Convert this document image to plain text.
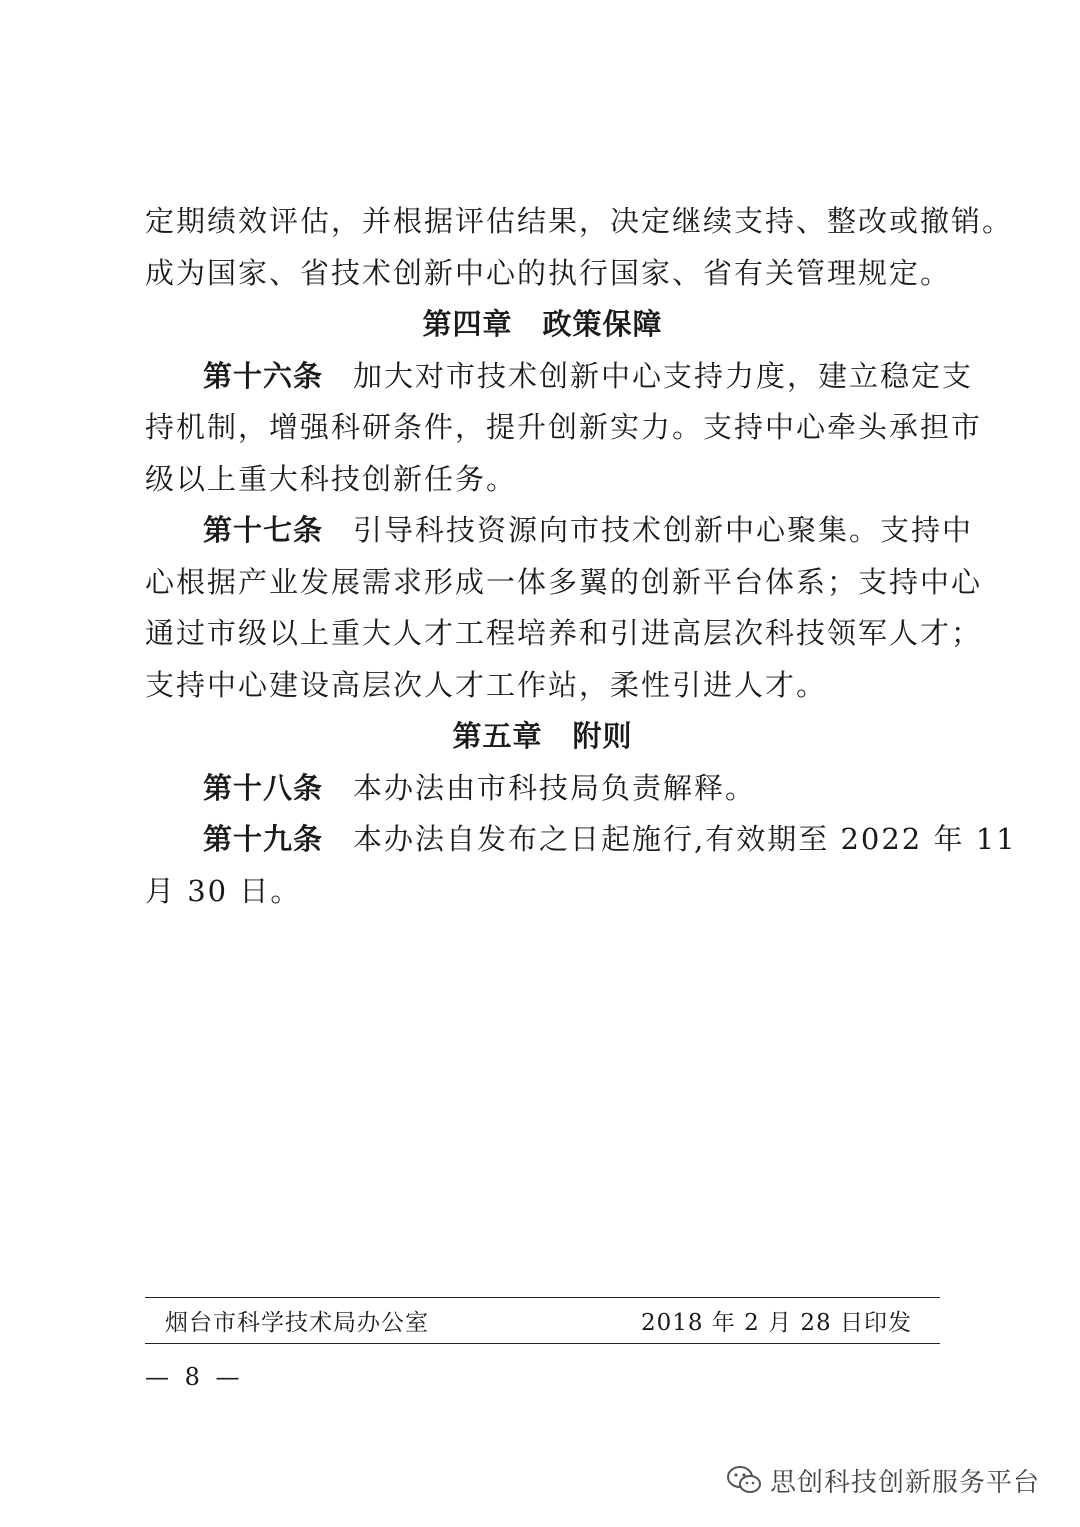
定期绩效评估，并根据评估结果，决定继续支持、整改或撤销。
成为国家、省技术创新中心的执行国家、省有关管理规定。
第四章 政策保障
第十六条 加大对市技术创新中心支持力度，建立稳定支
持机制，增强科研条件，提升创新实力。支持中心牵头承担市
级以上重大科技创新任务。
第十七条 引导科技资源向市技术创新中心聚集。支持中
心根据产业发展需求形成一体多翼的创新平台体系；支持中心
通过市级以上重大人才工程培养和引进高层次科技领军人才；
支持中心建设高层次人才工作站，柔性引进人才。
第五章 附则
第十八条 本办法由市科技局负责解释。
第十九条 本办法自发布之日起施行,有效期至 2022 年 11
月 30 日。
烟台市科学技术局办公室	2018 年 2 月 28 日印发
— 8 —
思创科技创新服务平台
